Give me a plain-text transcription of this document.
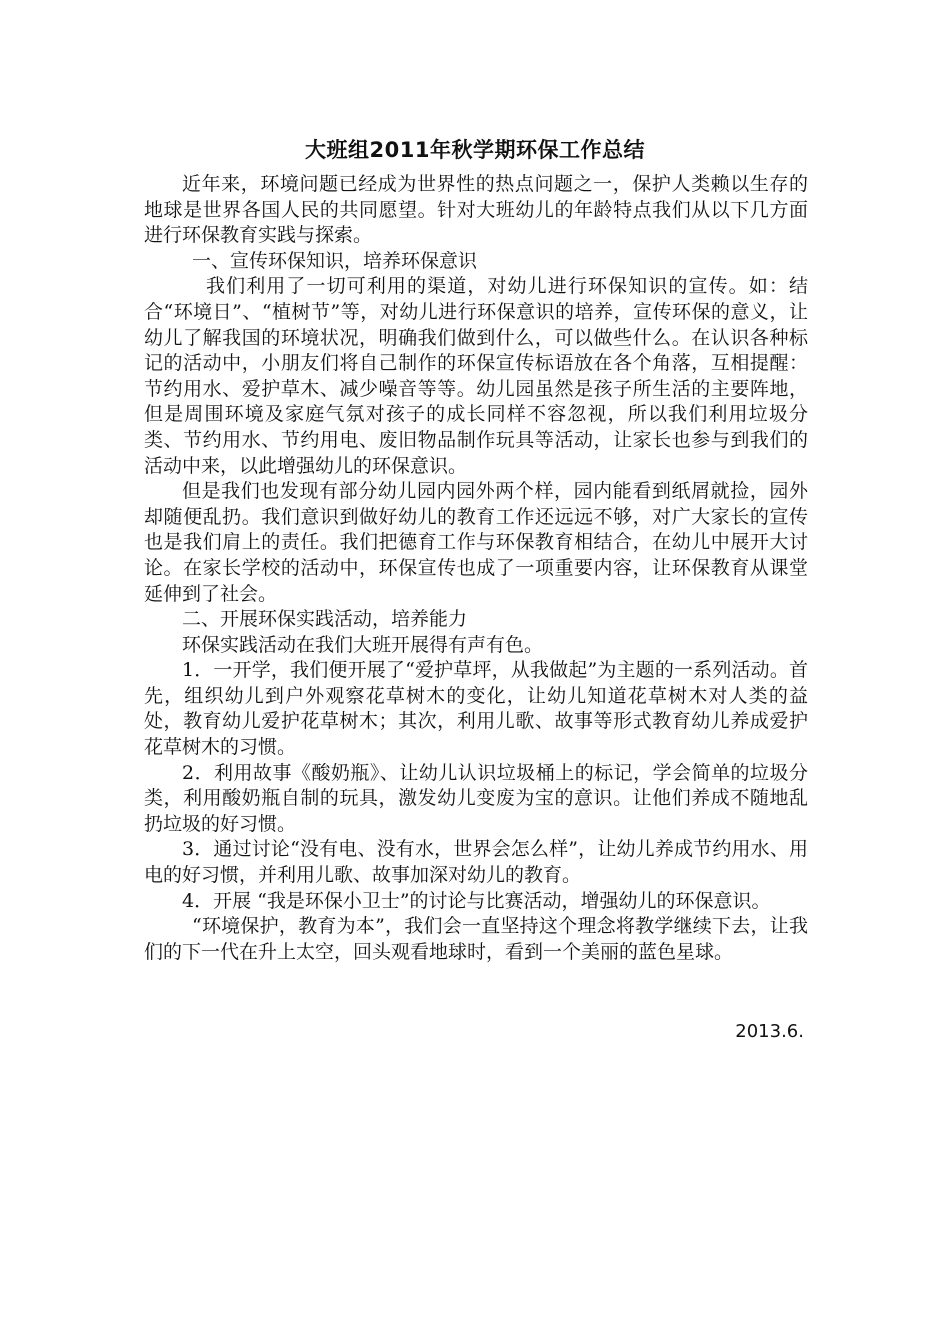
大班组2011年秋学期环保工作总结

近年来，环境问题已经成为世界性的热点问题之一，保护人类赖以生存的地球是世界各国人民的共同愿望。针对大班幼儿的年龄特点我们从以下几方面进行环保教育实践与探索。

一、宣传环保知识，培养环保意识

我们利用了一切可利用的渠道，对幼儿进行环保知识的宣传。如：结合“环境日”、“植树节”等，对幼儿进行环保意识的培养，宣传环保的意义，让幼儿了解我国的环境状况，明确我们做到什么，可以做些什么。在认识各种标记的活动中，小朋友们将自己制作的环保宣传标语放在各个角落，互相提醒：节约用水、爱护草木、减少噪音等等。幼儿园虽然是孩子所生活的主要阵地，但是周围环境及家庭气氛对孩子的成长同样不容忽视，所以我们利用垃圾分类、节约用水、节约用电、废旧物品制作玩具等活动，让家长也参与到我们的活动中来，以此增强幼儿的环保意识。

但是我们也发现有部分幼儿园内园外两个样，园内能看到纸屑就捡，园外却随便乱扔。我们意识到做好幼儿的教育工作还远远不够，对广大家长的宣传也是我们肩上的责任。我们把德育工作与环保教育相结合，在幼儿中展开大讨论。在家长学校的活动中，环保宣传也成了一项重要内容，让环保教育从课堂延伸到了社会。

二、开展环保实践活动，培养能力

环保实践活动在我们大班开展得有声有色。

1．一开学，我们便开展了“爱护草坪，从我做起”为主题的一系列活动。首先，组织幼儿到户外观察花草树木的变化，让幼儿知道花草树木对人类的益处，教育幼儿爱护花草树木；其次，利用儿歌、故事等形式教育幼儿养成爱护花草树木的习惯。

2．利用故事《酸奶瓶》、让幼儿认识垃圾桶上的标记，学会简单的垃圾分类，利用酸奶瓶自制的玩具，激发幼儿变废为宝的意识。让他们养成不随地乱扔垃圾的好习惯。

3．通过讨论“没有电、没有水，世界会怎么样”，让幼儿养成节约用水、用电的好习惯，并利用儿歌、故事加深对幼儿的教育。

4．开展 “我是环保小卫士”的讨论与比赛活动，增强幼儿的环保意识。

“环境保护，教育为本”，我们会一直坚持这个理念将教学继续下去，让我们的下一代在升上太空，回头观看地球时，看到一个美丽的蓝色星球。

2013.6.
